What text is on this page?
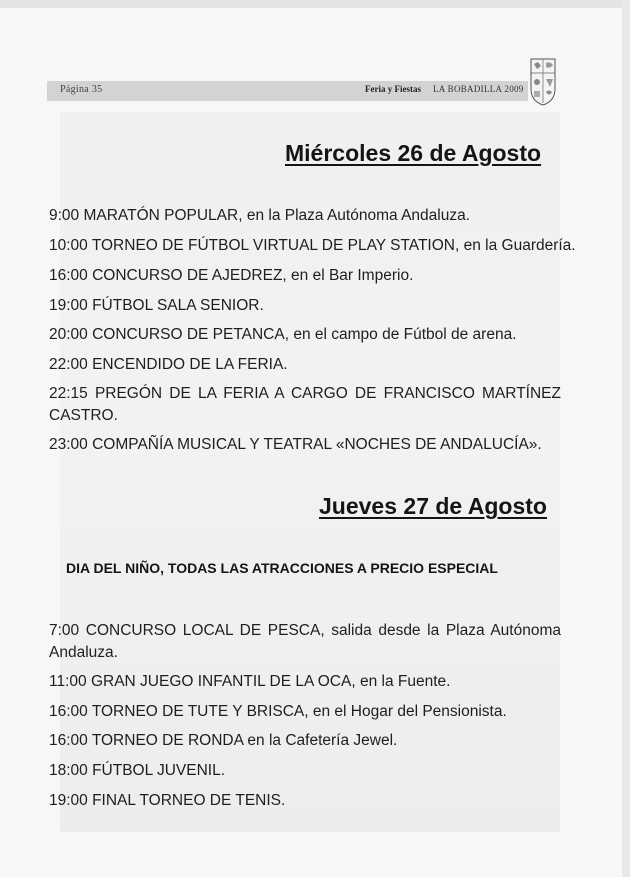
Página 35	Feria y Fiestas LA BOBADILLA 2009
Miércoles 26 de Agosto
9:00 MARATÓN POPULAR, en la Plaza Autónoma Andaluza.
10:00 TORNEO DE FÚTBOL VIRTUAL DE PLAY STATION, en la Guardería.
16:00 CONCURSO DE AJEDREZ, en el Bar Imperio.
19:00 FÚTBOL SALA SENIOR.
20:00 CONCURSO DE PETANCA, en el campo de Fútbol de arena.
22:00 ENCENDIDO DE LA FERIA.
22:15 PREGÓN DE LA FERIA A CARGO DE FRANCISCO MARTÍNEZ CASTRO.
23:00 COMPAÑÍA MUSICAL Y TEATRAL «NOCHES DE ANDALUCÍA».
Jueves 27 de Agosto
DIA DEL NIÑO, TODAS LAS ATRACCIONES A PRECIO ESPECIAL
7:00 CONCURSO LOCAL DE PESCA, salida desde la Plaza Autónoma Andaluza.
11:00 GRAN JUEGO INFANTIL DE LA OCA, en la Fuente.
16:00 TORNEO DE TUTE Y BRISCA, en el Hogar del Pensionista.
16:00 TORNEO DE RONDA en la Cafetería Jewel.
18:00 FÚTBOL JUVENIL.
19:00 FINAL TORNEO DE TENIS.
